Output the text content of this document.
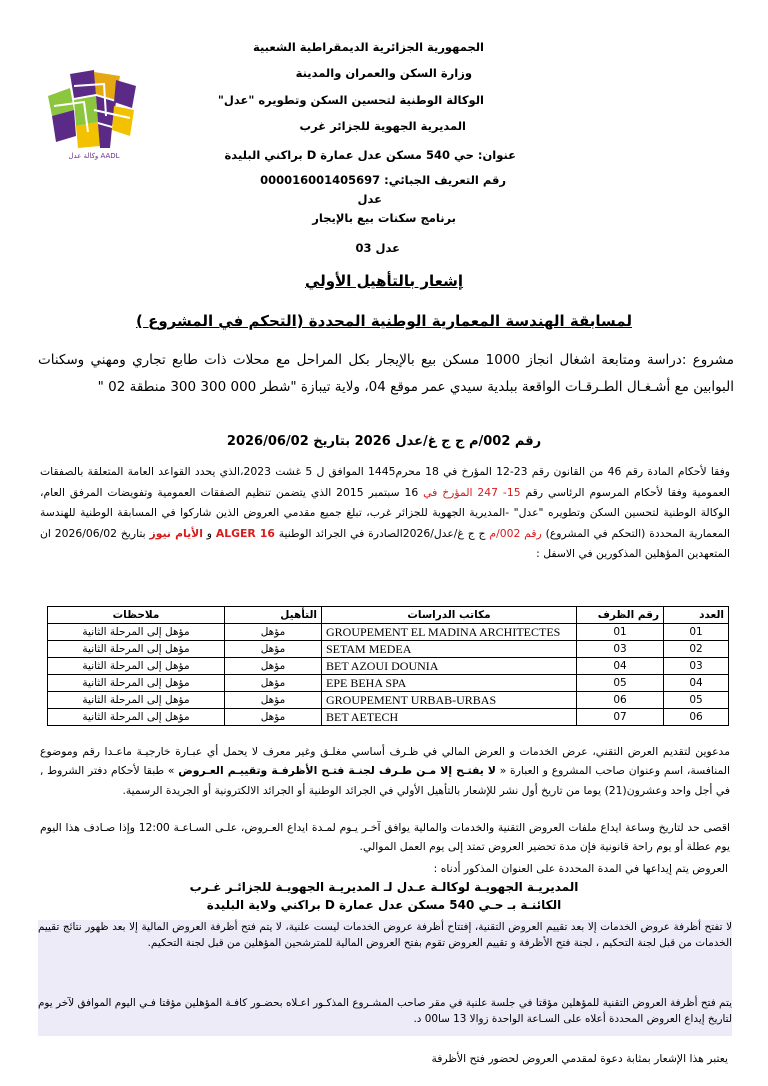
وكالة عدل AADL
الجمهورية الجزائرية الديمقراطية الشعبية
وزارة السكن والعمران والمدينة
الوكالة الوطنية لتحسين السكن وتطويره "عدل"
المديرية الجهوية للجزائر غرب
عنوان: حي 540 مسكن عدل عمارة D براكني البليدة
رقم التعريف الجبائي: 000016001405697
عدل
برنامج سكنات بيع بالإيجار
عدل 03
إشعار بالتأهيل الأولي
لمسابقة الهندسة المعمارية الوطنية المحددة (التحكم في المشروع )
مشروع :دراسة ومتابعة اشغال انجاز 1000 مسكن بيع بالإيجار بكل المراحل مع محلات ذات طابع تجاري ومهني وسكنات البوابين مع أشـغـال الطـرقـات الواقعة ببلدية سيدي عمر موقع 04، ولاية تيبازة "شطر 000 300 300 منطقة 02 "
رقم 002/م ج ج غ/عدل 2026 بتاريخ 2026/06/02
وفقا لأحكام المادة رقم 46 من القانون رقم 23-12 المؤرخ في 18 محرم1445 الموافق ل 5 غشت 2023،الذي يحدد القواعد العامة المتعلقة بالصفقات العمومية وفقا لأحكام المرسوم الرئاسي رقم 15- 247 المؤرخ في 16 سبتمبر 2015 الذي يتضمن تنظيم الصفقات العمومية وتفويضات المرفق العام، الوكالة الوطنية لتحسين السكن وتطويره "عدل" -المديرية الجهوية للجزائر غرب، تبلغ جميع مقدمي العروض الذين شاركوا في المسابقة الوطنية للهندسة المعمارية المحددة (التحكم في المشروع) رقم 002/م ج ج غ/عدل/2026الصادرة في الجرائد الوطنية ALGER 16 و الأيام نيوز بتاريخ 2026/06/02 ان المتعهدين المؤهلين المذكورين في الاسفل :
العدد	رقم الظرف	مكاتب الدراسات	التأهيل	ملاحظات
01	01	GROUPEMENT EL MADINA ARCHITECTES	مؤهل	مؤهل إلى المرحلة الثانية
02	03	SETAM MEDEA	مؤهل	مؤهل إلى المرحلة الثانية
03	04	BET AZOUI DOUNIA	مؤهل	مؤهل إلى المرحلة الثانية
04	05	EPE BEHA SPA	مؤهل	مؤهل إلى المرحلة الثانية
05	06	GROUPEMENT URBAB-URBAS	مؤهل	مؤهل إلى المرحلة الثانية
06	07	BET AETECH	مؤهل	مؤهل إلى المرحلة الثانية
مدعوين لتقديم العرض التقني، عرض الخدمات و العرض المالي في ظـرف أساسي مغلـق وغير معرف لا يحمل أي عبـارة خارجيـة ماعـدا رقم وموضوع المنافسة، اسم وعنوان صاحب المشروع و العبارة « لا يفتـح إلا مـن طـرف لجنـة فتـح الأظرفـة وتقييـم العـروض » طبقا لأحكام دفتر الشروط , في أجل واحد وعشرون(21) يوما من تاريخ أول نشر للإشعار بالتأهيل الأولي في الجرائد الوطنية أو الجرائد الالكترونية أو الجريدة الرسمية.
اقصى حد لتاريخ وساعة ايداع ملفات العروض التقنية والخدمات والمالية يوافق آخـر يـوم لمـدة ايداع العـروض، علـى السـاعـة 12:00 وإذا صـادف هذا اليوم يوم عطلة أو يوم راحة قانونية فإن مدة تحضير العروض تمتد إلى يوم العمل الموالي.
العروض يتم إيداعها في المدة المحددة على العنوان المذكور أدناه :
المديريـة الجهويـة لوكالـة عـدل لـ المديريـة الجهويـة للجزائـر غـرب
الكائنـة بـ حـي 540 مسكن عدل عمارة D براكني ولاية البليدة
لا تفتح أظرفة عروض الخدمات إلا بعد تقييم العروض التقنية، إفتتاح أظرفة عروض الخدمات ليست علنية، لا يتم فتح أظرفة العروض المالية إلا بعد ظهور نتائج تقييم الخدمات من قبل لجنة التحكيم ، لجنة فتح الأظرفة و تقييم العروض تقوم بفتح العروض المالية للمترشحين المؤهلين من قبل لجنة التحكيم.
يتم فتح أظرفة العروض التقنية للمؤهلين مؤقتا في جلسة علنية في مقر صاحب المشـروع المذكـور اعـلاه بحضـور كافـة المؤهلين مؤقتا فـي اليوم الموافق لآخر يوم لتاريخ إيداع العروض المحددة أعلاه على السـاعة الواحدة زوالا 13 سا00 د.
يعتبر هذا الإشعار بمثابة دعوة لمقدمي العروض لحضور فتح الأظرفة
